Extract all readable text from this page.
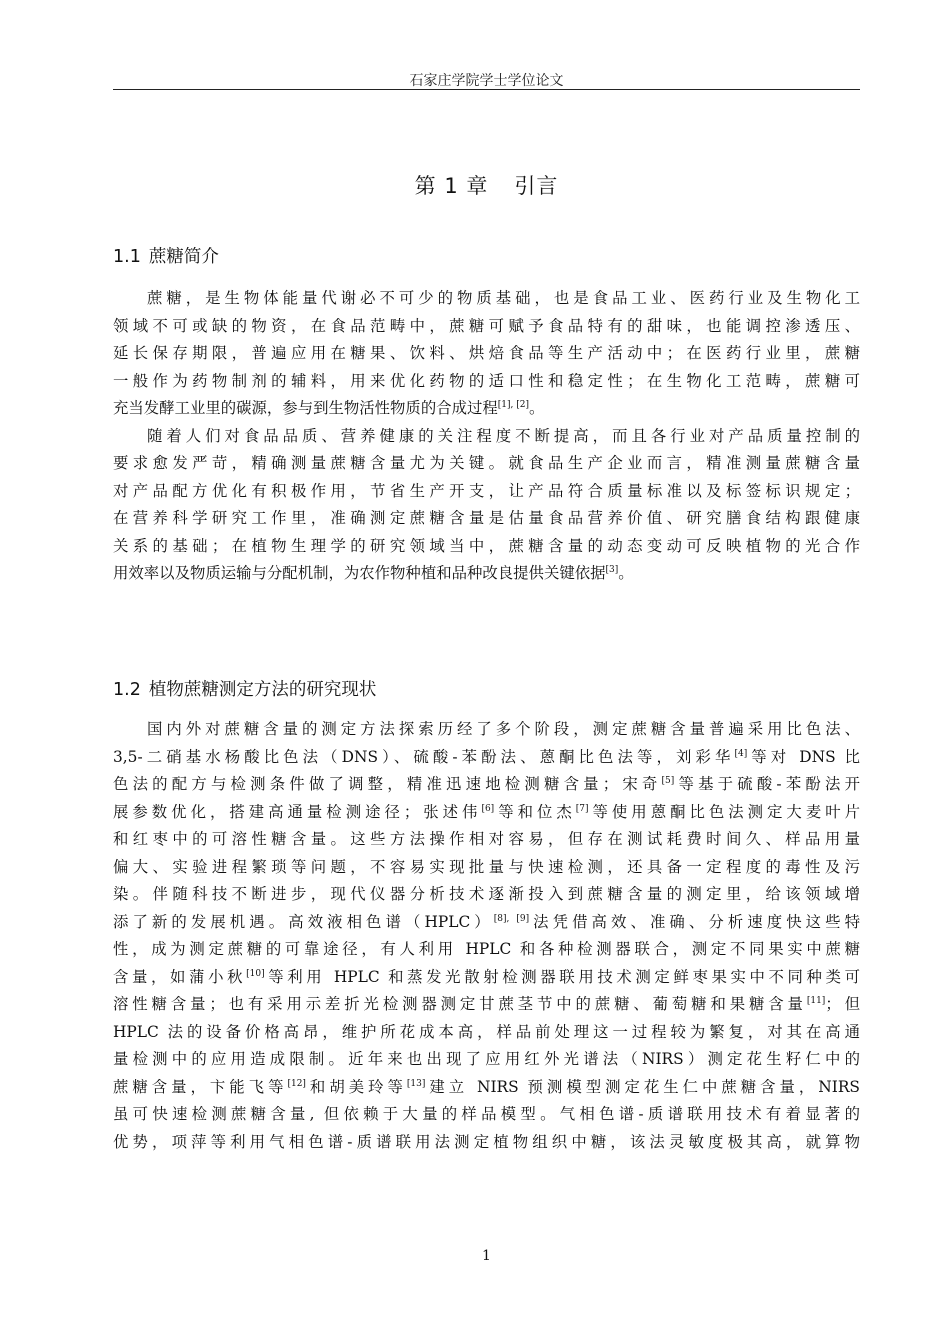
石家庄学院学士学位论文
第 1 章 引言
1.1 蔗糖简介
蔗糖，是生物体能量代谢必不可少的物质基础，也是食品工业、医药行业及生物化工
领域不可或缺的物资，在食品范畴中，蔗糖可赋予食品特有的甜味，也能调控渗透压、
延长保存期限，普遍应用在糖果、饮料、烘焙食品等生产活动中；在医药行业里，蔗糖
一般作为药物制剂的辅料，用来优化药物的适口性和稳定性；在生物化工范畴，蔗糖可
充当发酵工业里的碳源，参与到生物活性物质的合成过程[1], [2]。
随着人们对食品品质、营养健康的关注程度不断提高，而且各行业对产品质量控制的
要求愈发严苛，精确测量蔗糖含量尤为关键。就食品生产企业而言，精准测量蔗糖含量
对产品配方优化有积极作用，节省生产开支，让产品符合质量标准以及标签标识规定；
在营养科学研究工作里，准确测定蔗糖含量是估量食品营养价值、研究膳食结构跟健康
关系的基础；在植物生理学的研究领域当中，蔗糖含量的动态变动可反映植物的光合作
用效率以及物质运输与分配机制，为农作物种植和品种改良提供关键依据[3]。
1.2 植物蔗糖测定方法的研究现状
国内外对蔗糖含量的测定方法探索历经了多个阶段，测定蔗糖含量普遍采用比色法、
3,5-二硝基水杨酸比色法（DNS）、硫酸-苯酚法、蒽酮比色法等，刘彩华[4]等对 DNS 比
色法的配方与检测条件做了调整，精准迅速地检测糖含量；宋奇[5]等基于硫酸-苯酚法开
展参数优化，搭建高通量检测途径；张述伟[6]等和位杰[7]等使用蒽酮比色法测定大麦叶片
和红枣中的可溶性糖含量。这些方法操作相对容易，但存在测试耗费时间久、样品用量
偏大、实验进程繁琐等问题，不容易实现批量与快速检测，还具备一定程度的毒性及污
染。伴随科技不断进步，现代仪器分析技术逐渐投入到蔗糖含量的测定里，给该领域增
添了新的发展机遇。高效液相色谱（HPLC）[8], [9]法凭借高效、准确、分析速度快这些特
性，成为测定蔗糖的可靠途径，有人利用 HPLC 和各种检测器联合，测定不同果实中蔗糖
含量，如蒲小秋[10]等利用 HPLC 和蒸发光散射检测器联用技术测定鲜枣果实中不同种类可
溶性糖含量；也有采用示差折光检测器测定甘蔗茎节中的蔗糖、葡萄糖和果糖含量[11]；但
HPLC 法的设备价格高昂，维护所花成本高，样品前处理这一过程较为繁复，对其在高通
量检测中的应用造成限制。近年来也出现了应用红外光谱法（NIRS）测定花生籽仁中的
蔗糖含量，卞能飞等[12]和胡美玲等[13]建立 NIRS 预测模型测定花生仁中蔗糖含量，NIRS
虽可快速检测蔗糖含量, 但依赖于大量的样品模型。气相色谱-质谱联用技术有着显著的
优势，项萍等利用气相色谱-质谱联用法测定植物组织中糖，该法灵敏度极其高，就算物
1
